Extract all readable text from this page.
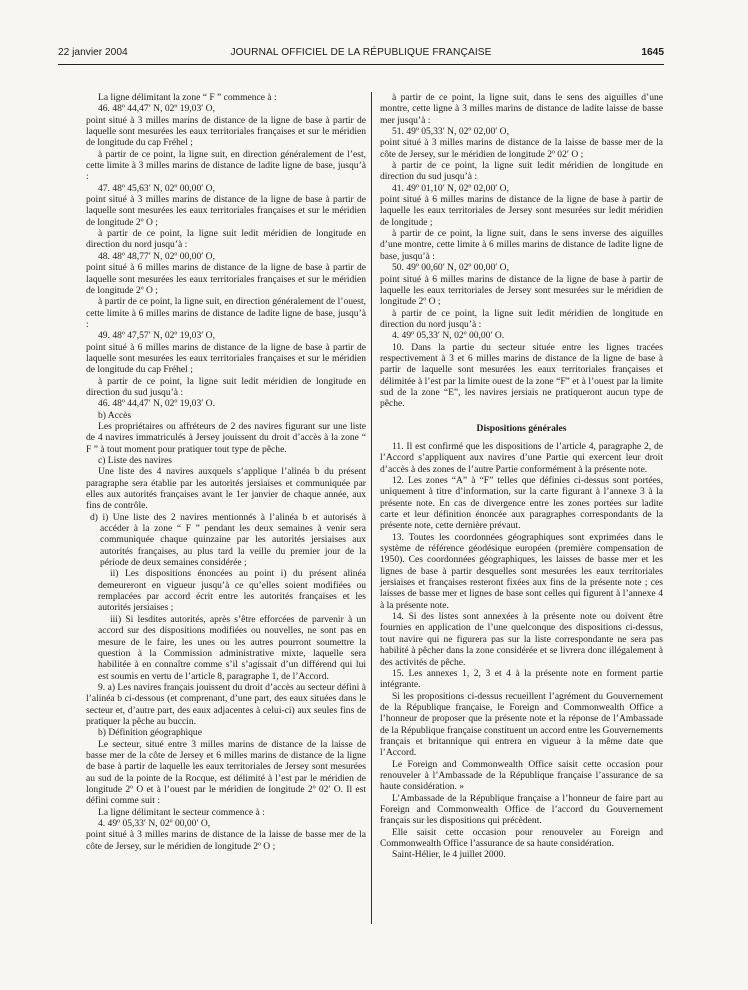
22 janvier 2004	JOURNAL OFFICIEL DE LA RÉPUBLIQUE FRANÇAISE	1645

La ligne délimitant la zone “ F ” commence à :

46. 48º 44,47′ N, 02º 19,03′ O,

point situé à 3 milles marins de distance de la ligne de base à partir de laquelle sont mesurées les eaux territoriales françaises et sur le méridien de longitude du cap Fréhel ;

à partir de ce point, la ligne suit, en direction généralement de l’est, cette limite à 3 milles marins de distance de ladite ligne de base, jusqu’à :

47. 48º 45,63′ N, 02º 00,00′ O,

point situé à 3 milles marins de distance de la ligne de base à partir de laquelle sont mesurées les eaux territoriales françaises et sur le méridien de longitude 2º O ;

à partir de ce point, la ligne suit ledit méridien de longitude en direction du nord jusqu’à :

48. 48º 48,77′ N, 02º 00,00′ O,

point situé à 6 milles marins de distance de la ligne de base à partir de laquelle sont mesurées les eaux territoriales françaises et sur le méridien de longitude 2º O ;

à partir de ce point, la ligne suit, en direction généralement de l’ouest, cette limite à 6 milles marins de distance de ladite ligne de base, jusqu’à :

49. 48º 47,57′ N, 02º 19,03′ O,

point situé à 6 milles marins de distance de la ligne de base à partir de laquelle sont mesurées les eaux territoriales françaises et sur le méridien de longitude du cap Fréhel ;

à partir de ce point, la ligne suit ledit méridien de longitude en direction du sud jusqu’à :

46. 48º 44,47′ N, 02º 19,03′ O.

b) Accès

Les propriétaires ou affréteurs de 2 des navires figurant sur une liste de 4 navires immatriculés à Jersey jouissent du droit d’accès à la zone “ F ” à tout moment pour pratiquer tout type de pêche.

c) Liste des navires

Une liste des 4 navires auxquels s’applique l’alinéa b du présent paragraphe sera établie par les autorités jersiaises et communiquée par elles aux autorités françaises avant le 1er janvier de chaque année, aux fins de contrôle.

d) i) Une liste des 2 navires mentionnés à l’alinéa b et autorisés à accéder à la zone “ F ” pendant les deux semaines à venir sera communiquée chaque quinzaine par les autorités jersiaises aux autorités françaises, au plus tard la veille du premier jour de la période de deux semaines considérée ;

ii) Les dispositions énoncées au point i) du présent alinéa demeureront en vigueur jusqu’à ce qu’elles soient modifiées ou remplacées par accord écrit entre les autorités françaises et les autorités jersiaises ;

iii) Si lesdites autorités, après s’être efforcées de parvenir à un accord sur des dispositions modifiées ou nouvelles, ne sont pas en mesure de le faire, les unes ou les autres pourront soumettre la question à la Commission administrative mixte, laquelle sera habilitée à en connaître comme s’il s’agissait d’un différend qui lui est soumis en vertu de l’article 8, paragraphe 1, de l’Accord.

9. a) Les navires français jouissent du droit d’accès au secteur défini à l’alinéa b ci-dessous (et comprenant, d’une part, des eaux situées dans le secteur et, d’autre part, des eaux adjacentes à celui-ci) aux seules fins de pratiquer la pêche au buccin.

b) Définition géographique

Le secteur, situé entre 3 milles marins de distance de la laisse de basse mer de la côte de Jersey et 6 milles marins de distance de la ligne de base à partir de laquelle les eaux territoriales de Jersey sont mesurées au sud de la pointe de la Rocque, est délimité à l’est par le méridien de longitude 2º O et à l’ouest par le méridien de longitude 2º 02′ O. Il est défini comme suit :

La ligne délimitant le secteur commence à :

4. 49º 05,33′ N, 02º 00,00′ O,

point situé à 3 milles marins de distance de la laisse de basse mer de la côte de Jersey, sur le méridien de longitude 2º O ;

à partir de ce point, la ligne suit, dans le sens des aiguilles d’une montre, cette ligne à 3 milles marins de distance de ladite laisse de basse mer jusqu’à :

51. 49º 05,33′ N, 02º 02,00′ O,

point situé à 3 milles marins de distance de la laisse de basse mer de la côte de Jersey, sur le méridien de longitude 2º 02′ O ;

à partir de ce point, la ligne suit ledit méridien de longitude en direction du sud jusqu’à :

41. 49º 01,10′ N, 02º 02,00′ O,

point situé à 6 milles marins de distance de la ligne de base à partir de laquelle les eaux territoriales de Jersey sont mesurées sur ledit méridien de longitude ;

à partir de ce point, la ligne suit, dans le sens inverse des aiguilles d’une montre, cette limite à 6 milles marins de distance de ladite ligne de base, jusqu’à :

50. 49º 00,60′ N, 02º 00,00′ O,

point situé à 6 milles marins de distance de la ligne de base à partir de laquelle les eaux territoriales de Jersey sont mesurées sur le méridien de longitude 2º O ;

à partir de ce point, la ligne suit ledit méridien de longitude en direction du nord jusqu’à :

4. 49º 05,33′ N, 02º 00,00′ O.

10. Dans la partie du secteur située entre les lignes tracées respectivement à 3 et 6 milles marins de distance de la ligne de base à partir de laquelle sont mesurées les eaux territoriales françaises et délimitée à l’est par la limite ouest de la zone “F” et à l’ouest par la limite sud de la zone “E”, les navires jersiais ne pratiqueront aucun type de pêche.

Dispositions générales

11. Il est confirmé que les dispositions de l’article 4, paragraphe 2, de l’Accord s’appliquent aux navires d’une Partie qui exercent leur droit d’accès à des zones de l’autre Partie conformément à la présente note.

12. Les zones “A” à “F” telles que définies ci-dessus sont portées, uniquement à titre d’information, sur la carte figurant à l’annexe 3 à la présente note. En cas de divergence entre les zones portées sur ladite carte et leur définition énoncée aux paragraphes correspondants de la présente note, cette dernière prévaut.

13. Toutes les coordonnées géographiques sont exprimées dans le système de référence géodésique européen (première compensation de 1950). Ces coordonnées géographiques, les laisses de basse mer et les lignes de base à partir desquelles sont mesurées les eaux territoriales jersiaises et françaises resteront fixées aux fins de la présente note ; ces laisses de basse mer et lignes de base sont celles qui figurent à l’annexe 4 à la présente note.

14. Si des listes sont annexées à la présente note ou doivent être fournies en application de l’une quelconque des dispositions ci-dessus, tout navire qui ne figurera pas sur la liste correspondante ne sera pas habilité à pêcher dans la zone considérée et se livrera donc illégalement à des activités de pêche.

15. Les annexes 1, 2, 3 et 4 à la présente note en forment partie intégrante.

Si les propositions ci-dessus recueillent l’agrément du Gouvernement de la République française, le Foreign and Commonwealth Office a l’honneur de proposer que la présente note et la réponse de l’Ambassade de la République française constituent un accord entre les Gouvernements français et britannique qui entrera en vigueur à la même date que l’Accord.

Le Foreign and Commonwealth Office saisit cette occasion pour renouveler à l’Ambassade de la République française l’assurance de sa haute considération. »

L’Ambassade de la République française a l’honneur de faire part au Foreign and Commonwealth Office de l’accord du Gouvernement français sur les dispositions qui précèdent.

Elle saisit cette occasion pour renouveler au Foreign and Commonwealth Office l’assurance de sa haute considération.

Saint-Hélier, le 4 juillet 2000.
